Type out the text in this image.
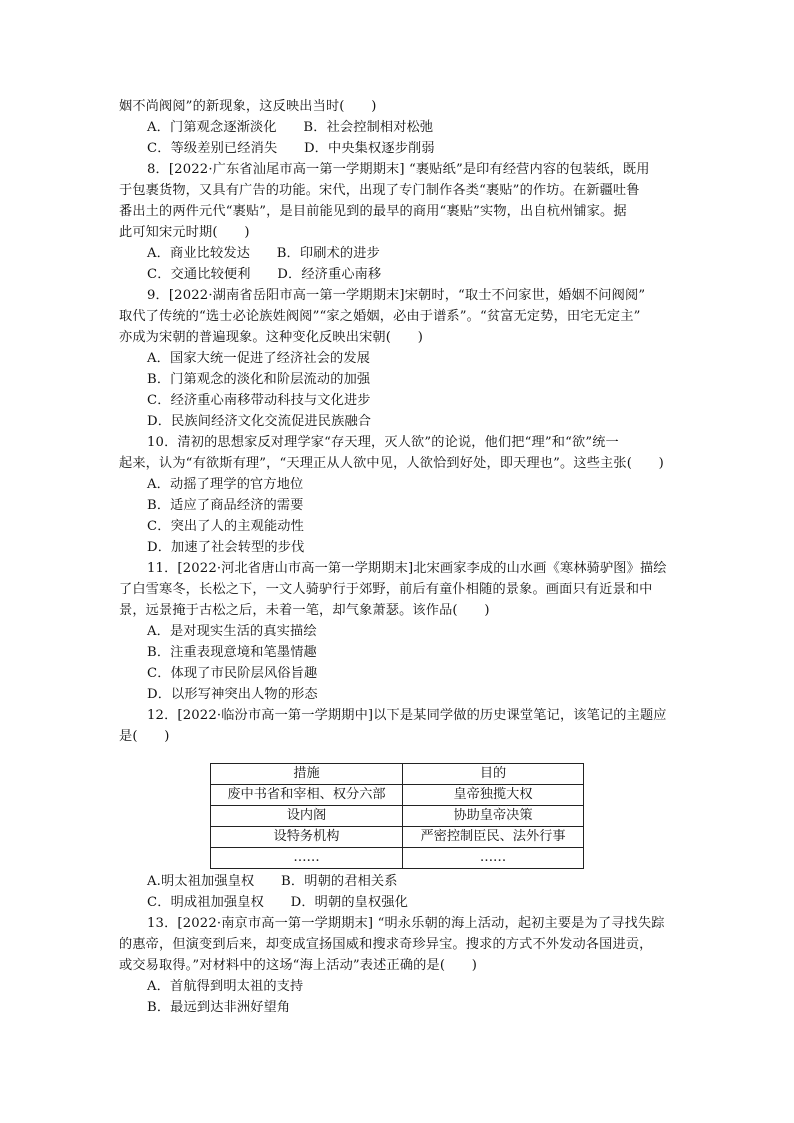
姻不尚阀阅”的新现象，这反映出当时(　　)
A．门第观念逐渐淡化　　B．社会控制相对松弛
C．等级差别已经消失　　D．中央集权逐步削弱
8．[2022·广东省汕尾市高一第一学期期末] “裹贴纸”是印有经营内容的包装纸，既用
于包裹货物，又具有广告的功能。宋代，出现了专门制作各类“裹贴”的作坊。在新疆吐鲁
番出土的两件元代“裹贴”，是目前能见到的最早的商用“裹贴”实物，出自杭州铺家。据
此可知宋元时期(　　)
A．商业比较发达　　B．印刷术的进步
C．交通比较便利　　D．经济重心南移
9．[2022·湖南省岳阳市高一第一学期期末]宋朝时，“取士不问家世，婚姻不问阀阅”
取代了传统的“选士必论族姓阀阅”“家之婚姻，必由于谱系”。“贫富无定势，田宅无定主”
亦成为宋朝的普遍现象。这种变化反映出宋朝(　　)
A．国家大统一促进了经济社会的发展
B．门第观念的淡化和阶层流动的加强
C．经济重心南移带动科技与文化进步
D．民族间经济文化交流促进民族融合
10．清初的思想家反对理学家“存天理，灭人欲”的论说，他们把“理”和“欲”统一
起来，认为“有欲斯有理”，“天理正从人欲中见，人欲恰到好处，即天理也”。这些主张(　　)
A．动摇了理学的官方地位
B．适应了商品经济的需要
C．突出了人的主观能动性
D．加速了社会转型的步伐
11．[2022·河北省唐山市高一第一学期期末]北宋画家李成的山水画《寒林骑驴图》描绘
了白雪寒冬，长松之下，一文人骑驴行于郊野，前后有童仆相随的景象。画面只有近景和中
景，远景掩于古松之后，未着一笔，却气象萧瑟。该作品(　　)
A．是对现实生活的真实描绘
B．注重表现意境和笔墨情趣
C．体现了市民阶层风俗旨趣
D．以形写神突出人物的形态
12．[2022·临汾市高一第一学期期中]以下是某同学做的历史课堂笔记，该笔记的主题应
是(　　)
A.明太祖加强皇权　　B．明朝的君相关系
C．明成祖加强皇权　　D．明朝的皇权强化
13．[2022·南京市高一第一学期期末] “明永乐朝的海上活动，起初主要是为了寻找失踪
的惠帝，但演变到后来，却变成宣扬国威和搜求奇珍异宝。搜求的方式不外发动各国进贡，
或交易取得。”对材料中的这场“海上活动”表述正确的是(　　)
A．首航得到明太祖的支持
B．最远到达非洲好望角
措施	目的
废中书省和宰相、权分六部	皇帝独揽大权
设内阁	协助皇帝决策
设特务机构	严密控制臣民、法外行事
……	……
